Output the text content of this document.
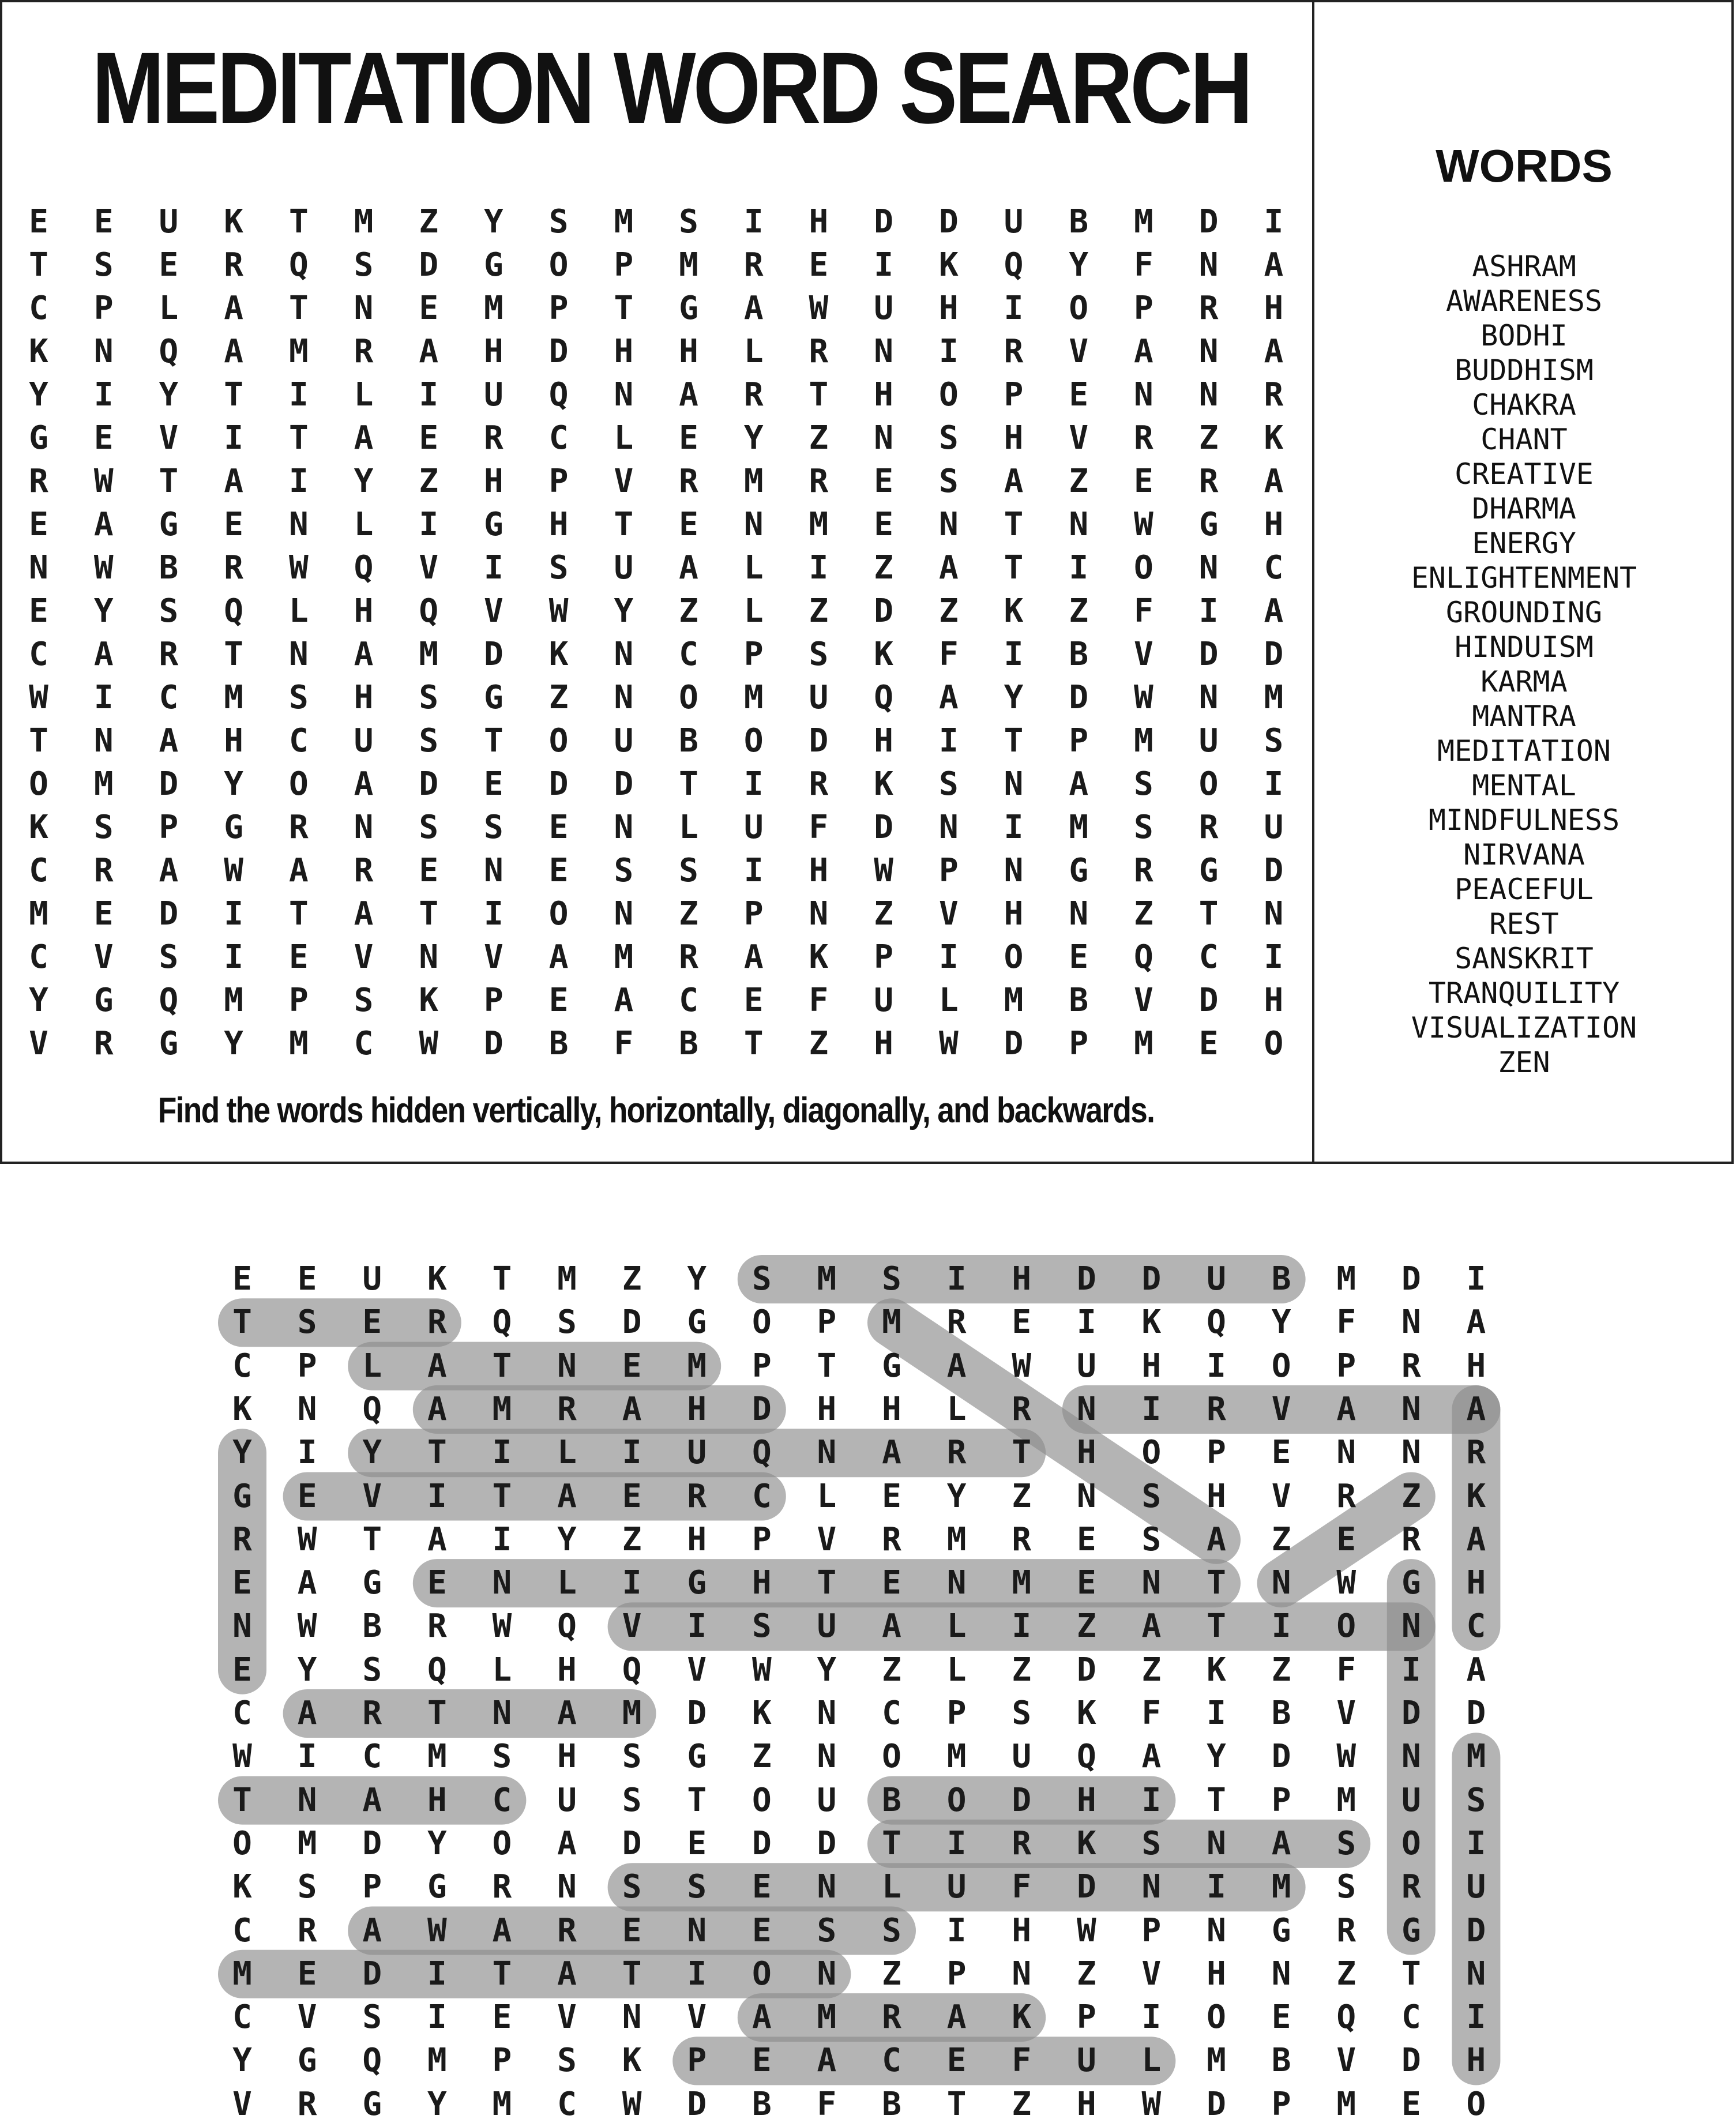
MEDITATION WORD SEARCH
E E U K T M Z Y S M S I H D D U B M D I
T S E R Q S D G O P M R E I K Q Y F N A
C P L A T N E M P T G A W U H I O P R H
K N Q A M R A H D H H L R N I R V A N A
Y I Y T I L I U Q N A R T H O P E N N R
G E V I T A E R C L E Y Z N S H V R Z K
R W T A I Y Z H P V R M R E S A Z E R A
E A G E N L I G H T E N M E N T N W G H
N W B R W Q V I S U A L I Z A T I O N C
E Y S Q L H Q V W Y Z L Z D Z K Z F I A
C A R T N A M D K N C P S K F I B V D D
W I C M S H S G Z N O M U Q A Y D W N M
T N A H C U S T O U B O D H I T P M U S
O M D Y O A D E D D T I R K S N A S O I
K S P G R N S S E N L U F D N I M S R U
C R A W A R E N E S S I H W P N G R G D
M E D I T A T I O N Z P N Z V H N Z T N
C V S I E V N V A M R A K P I O E Q C I
Y G Q M P S K P E A C E F U L M B V D H
V R G Y M C W D B F B T Z H W D P M E O
Find the words hidden vertically, horizontally, diagonally, and backwards.
WORDS
ASHRAM
AWARENESS
BODHI
BUDDHISM
CHAKRA
CHANT
CREATIVE
DHARMA
ENERGY
ENLIGHTENMENT
GROUNDING
HINDUISM
KARMA
MANTRA
MEDITATION
MENTAL
MINDFULNESS
NIRVANA
PEACEFUL
REST
SANSKRIT
TRANQUILITY
VISUALIZATION
ZEN
E E U K T M Z Y S M S I H D D U B M D I
T S E R Q S D G O P M R E I K Q Y F N A
C P L A T N E M P T G A W U H I O P R H
K N Q A M R A H D H H L R N I R V A N A
Y I Y T I L I U Q N A R T H O P E N N R
G E V I T A E R C L E Y Z N S H V R Z K
R W T A I Y Z H P V R M R E S A Z E R A
E A G E N L I G H T E N M E N T N W G H
N W B R W Q V I S U A L I Z A T I O N C
E Y S Q L H Q V W Y Z L Z D Z K Z F I A
C A R T N A M D K N C P S K F I B V D D
W I C M S H S G Z N O M U Q A Y D W N M
T N A H C U S T O U B O D H I T P M U S
O M D Y O A D E D D T I R K S N A S O I
K S P G R N S S E N L U F D N I M S R U
C R A W A R E N E S S I H W P N G R G D
M E D I T A T I O N Z P N Z V H N Z T N
C V S I E V N V A M R A K P I O E Q C I
Y G Q M P S K P E A C E F U L M B V D H
V R G Y M C W D B F B T Z H W D P M E O
